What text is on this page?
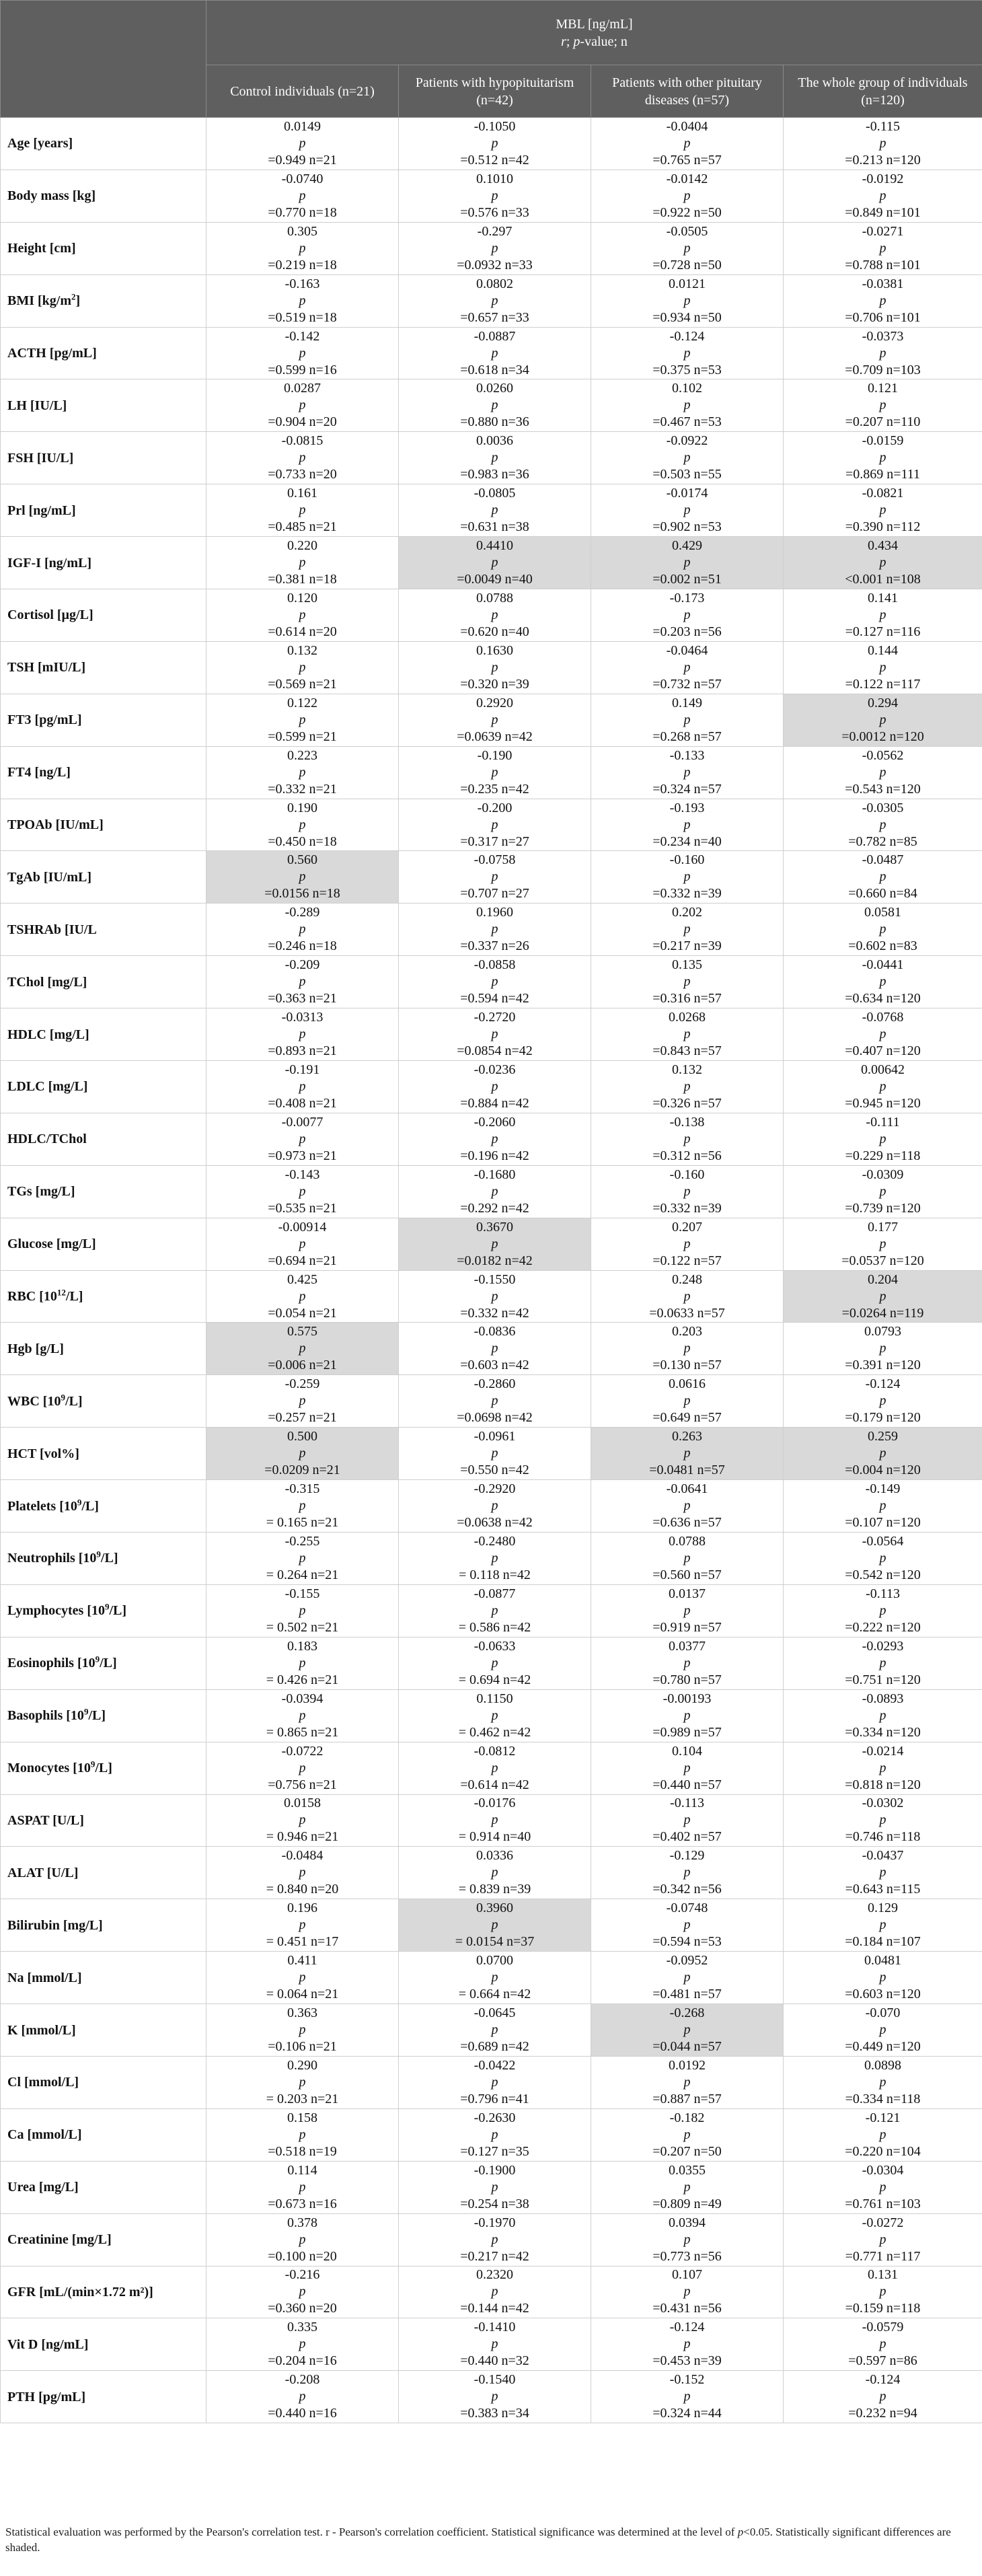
	MBL [ng/mL]
r; p-value; n			

	Control individuals (n=21)	Patients with hypopituitarism (n=42)	Patients with other pituitary diseases (n=57)	The whole group of individuals (n=120)
Age [years]	0.0149
p
=0.949 n=21	-0.1050
p
=0.512 n=42	-0.0404
p
=0.765 n=57	-0.115
p
=0.213 n=120

Body mass [kg]	-0.0740
p
=0.770 n=18	0.1010
p
=0.576 n=33	-0.0142
p
=0.922 n=50	-0.0192
p
=0.849 n=101

Height [cm]	0.305
p
=0.219 n=18	-0.297
p
=0.0932 n=33	-0.0505
p
=0.728 n=50	-0.0271
p
=0.788 n=101

BMI $[kg/m^2]$	-0.163
p
=0.519 n=18	0.0802
p
=0.657 n=33	0.0121
p
=0.934 n=50	-0.0381
p
=0.706 n=101

ACTH [pg/mL]	-0.142
p
=0.599 n=16	-0.0887
p
=0.618 n=34	-0.124
p
=0.375 n=53	-0.0373
p
=0.709 n=103

LH [IU/L]	0.0287
p
=0.904 n=20	0.0260
p
=0.880 n=36	0.102
p
=0.467 n=53	0.121
p
=0.207 n=110

FSH [IU/L]	-0.0815
p
=0.733 n=20	0.0036
p
=0.983 n=36	-0.0922
p
=0.503 n=55	-0.0159
p
=0.869 n=111

Prl [ng/mL]	0.161
p
=0.485 n=21	-0.0805
p
=0.631 n=38	-0.0174
p
=0.902 n=53	-0.0821
p
=0.390 n=112

IGF-I [ng/mL]	0.220
p
=0.381 n=18	0.4410
p
=0.0049 n=40	0.429
p
=0.002 n=51	0.434
p
<0.001 n=108

Cortisol [µg/L]	0.120
p
=0.614 n=20	0.0788
p
=0.620 n=40	-0.173
p
=0.203 n=56	0.141
p
=0.127 n=116

TSH [mIU/L]	0.132
p
=0.569 n=21	0.1630
p
=0.320 n=39	-0.0464
p
=0.732 n=57	0.144
p
=0.122 n=117

FT3 [pg/mL]	0.122
p
=0.599 n=21	0.2920
p
=0.0639 n=42	0.149
p
=0.268 n=57	0.294
p
=0.0012 n=120

FT4 [ng/L]	0.223
p
=0.332 n=21	-0.190
p
=0.235 n=42	-0.133
p
=0.324 n=57	-0.0562
p
=0.543 n=120

TPOAb [IU/mL]	0.190
p
=0.450 n=18	-0.200
p
=0.317 n=27	-0.193
p
=0.234 n=40	-0.0305
p
=0.782 n=85

TgAb [IU/mL]	0.560
p
=0.0156 n=18	-0.0758
p
=0.707 n=27	-0.160
p
=0.332 n=39	-0.0487
p
=0.660 n=84

TSHRAb [IU/L	-0.289
p
=0.246 n=18	0.1960
p
=0.337 n=26	0.202
p
=0.217 n=39	0.0581
p
=0.602 n=83

TChol [mg/L]	-0.209
p
=0.363 n=21	-0.0858
p
=0.594 n=42	0.135
p
=0.316 n=57	-0.0441
p
=0.634 n=120

HDLC [mg/L]	-0.0313
p
=0.893 n=21	-0.2720
p
=0.0854 n=42	0.0268
p
=0.843 n=57	-0.0768
p
=0.407 n=120

LDLC [mg/L]	-0.191
p
=0.408 n=21	-0.0236
p
=0.884 n=42	0.132
p
=0.326 n=57	0.00642
p
=0.945 n=120

HDLC/TChol	-0.0077
p
=0.973 n=21	-0.2060
p
=0.196 n=42	-0.138
p
=0.312 n=56	-0.111
p
=0.229 n=118

TGs [mg/L]	-0.143
p
=0.535 n=21	-0.1680
p
=0.292 n=42	-0.160
p
=0.332 n=39	-0.0309
p
=0.739 n=120

Glucose [mg/L]	-0.00914
p
=0.694 n=21	0.3670
p
=0.0182 n=42	0.207
p
=0.122 n=57	0.177
p
=0.0537 n=120

RBC $[10^{12}/L]$	0.425
p
=0.054 n=21	-0.1550
p
=0.332 n=42	0.248
p
=0.0633 n=57	0.204
p
=0.0264 n=119

Hgb [g/L]	0.575
p
=0.006 n=21	-0.0836
p
=0.603 n=42	0.203
p
=0.130 n=57	0.0793
p
=0.391 n=120

WBC $[10^9/L]$	-0.259
p
=0.257 n=21	-0.2860
p
=0.0698 n=42	0.0616
p
=0.649 n=57	-0.124
p
=0.179 n=120

HCT [vol%]	0.500
p
=0.0209 n=21	-0.0961
p
=0.550 n=42	0.263
p
=0.0481 n=57	0.259
p
=0.004 n=120

Platelets $[10^9/L]$	-0.315
p
= 0.165 n=21	-0.2920
p
=0.0638 n=42	-0.0641
p
=0.636 n=57	-0.149
p
=0.107 n=120

Neutrophils $[10^9/L]$	-0.255
p
= 0.264 n=21	-0.2480
p
= 0.118 n=42	0.0788
p
=0.560 n=57	-0.0564
p
=0.542 n=120

Lymphocytes $[10^9/L]$	-0.155
p
= 0.502 n=21	-0.0877
p
= 0.586 n=42	0.0137
p
=0.919 n=57	-0.113
p
=0.222 n=120

Eosinophils $[10^9/L]$	0.183
p
= 0.426 n=21	-0.0633
p
= 0.694 n=42	0.0377
p
=0.780 n=57	-0.0293
p
=0.751 n=120

Basophils $[10^9/L]$	-0.0394
p
= 0.865 n=21	0.1150
p
= 0.462 n=42	-0.00193
p
=0.989 n=57	-0.0893
p
=0.334 n=120

Monocytes $[10^9/L]$	-0.0722
p
=0.756 n=21	-0.0812
p
=0.614 n=42	0.104
p
=0.440 n=57	-0.0214
p
=0.818 n=120

ASPAT [U/L]	0.0158
p
= 0.946 n=21	-0.0176
p
= 0.914 n=40	-0.113
p
=0.402 n=57	-0.0302
p
=0.746 n=118

ALAT [U/L]	-0.0484
p
= 0.840 n=20	0.0336
p
= 0.839 n=39	-0.129
p
=0.342 n=56	-0.0437
p
=0.643 n=115

Bilirubin [mg/L]	0.196
p
= 0.451 n=17	0.3960
p
= 0.0154 n=37	-0.0748
p
=0.594 n=53	0.129
p
=0.184 n=107

Na [mmol/L]	0.411
p
= 0.064 n=21	0.0700
p
= 0.664 n=42	-0.0952
p
=0.481 n=57	0.0481
p
=0.603 n=120

K [mmol/L]	0.363
p
=0.106 n=21	-0.0645
p
=0.689 n=42	-0.268
p
=0.044 n=57	-0.070
p
=0.449 n=120

Cl [mmol/L]	0.290
p
= 0.203 n=21	-0.0422
p
=0.796 n=41	0.0192
p
=0.887 n=57	0.0898
p
=0.334 n=118

Ca [mmol/L]	0.158
p
=0.518 n=19	-0.2630
p
=0.127 n=35	-0.182
p
=0.207 n=50	-0.121
p
=0.220 n=104

Urea [mg/L]	0.114
p
=0.673 n=16	-0.1900
p
=0.254 n=38	0.0355
p
=0.809 n=49	-0.0304
p
=0.761 n=103

Creatinine [mg/L]	0.378
p
=0.100 n=20	-0.1970
p
=0.217 n=42	0.0394
p
=0.773 n=56	-0.0272
p
=0.771 n=117

GFR [mL/(min×1.72 m²)]	-0.216
p
=0.360 n=20	0.2320
p
=0.144 n=42	0.107
p
=0.431 n=56	0.131
p
=0.159 n=118

Vit D [ng/mL]	0.335
p
=0.204 n=16	-0.1410
p
=0.440 n=32	-0.124
p
=0.453 n=39	-0.0579
p
=0.597 n=86

PTH [pg/mL]	-0.208
p
=0.440 n=16	-0.1540
p
=0.383 n=34	-0.152
p
=0.324 n=44	-0.124
p
=0.232 n=94
Statistical evaluation was performed by the Pearson's correlation test. r - Pearson's correlation coefficient. Statistical significance was determined at the level of p<0.05. Statistically significant differences are shaded.
